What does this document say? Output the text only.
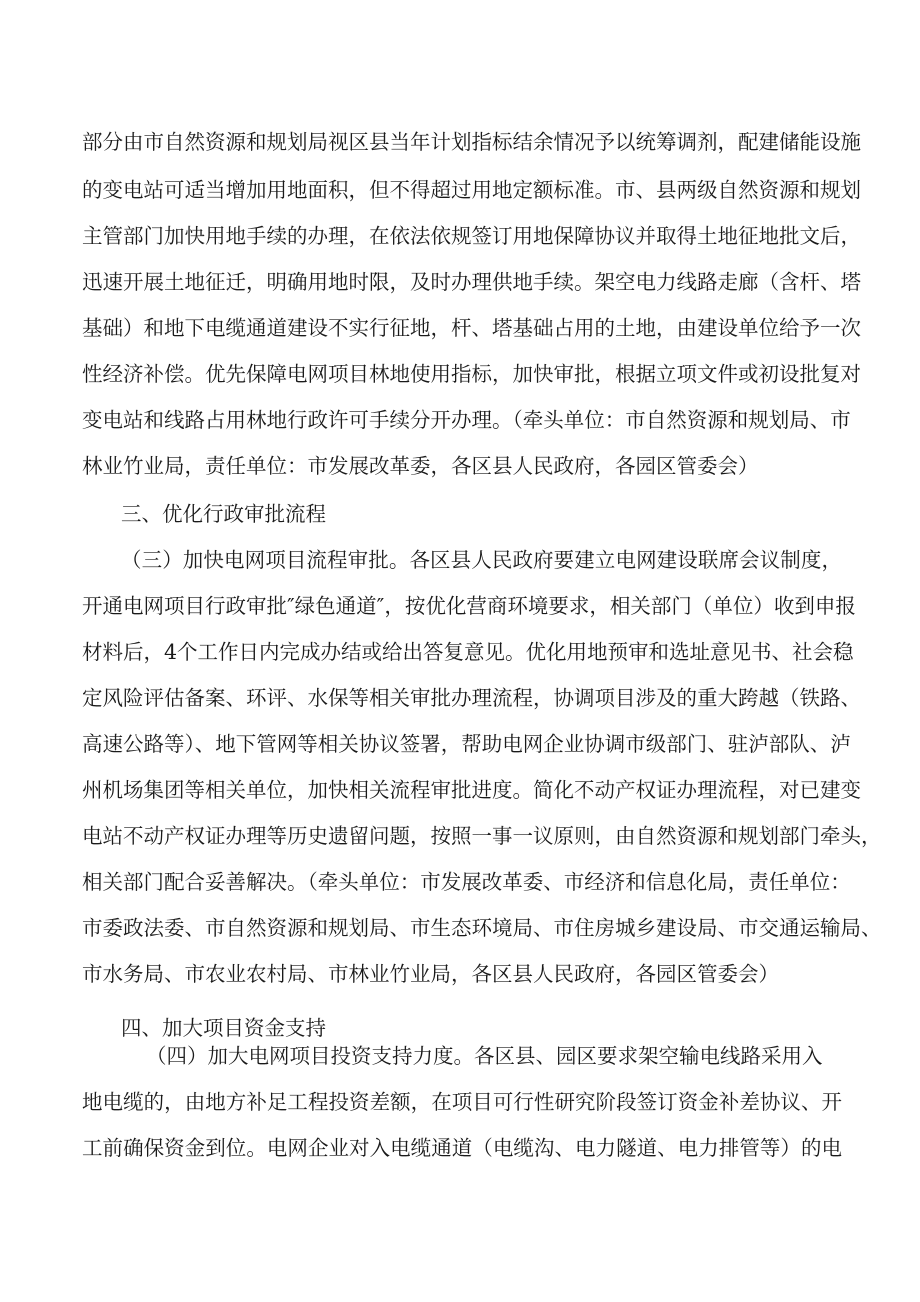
部分由市自然资源和规划局视区县当年计划指标结余情况予以统筹调剂，配建储能设施
的变电站可适当增加用地面积，但不得超过用地定额标准。市、县两级自然资源和规划
主管部门加快用地手续的办理，在依法依规签订用地保障协议并取得土地征地批文后，
迅速开展土地征迁，明确用地时限，及时办理供地手续。架空电力线路走廊（含杆、塔
基础）和地下电缆通道建设不实行征地，杆、塔基础占用的土地，由建设单位给予一次
性经济补偿。优先保障电网项目林地使用指标，加快审批，根据立项文件或初设批复对
变电站和线路占用林地行政许可手续分开办理。（牵头单位：市自然资源和规划局、市
林业竹业局，责任单位：市发展改革委，各区县人民政府，各园区管委会）
三、优化行政审批流程
（三）加快电网项目流程审批。各区县人民政府要建立电网建设联席会议制度，
开通电网项目行政审批″绿色通道″，按优化营商环境要求，相关部门（单位）收到申报
材料后，4个工作日内完成办结或给出答复意见。优化用地预审和选址意见书、社会稳
定风险评估备案、环评、水保等相关审批办理流程，协调项目涉及的重大跨越（铁路、
高速公路等）、地下管网等相关协议签署，帮助电网企业协调市级部门、驻泸部队、泸
州机场集团等相关单位，加快相关流程审批进度。简化不动产权证办理流程，对已建变
电站不动产权证办理等历史遗留问题，按照一事一议原则，由自然资源和规划部门牵头，
相关部门配合妥善解决。（牵头单位：市发展改革委、市经济和信息化局，责任单位：
市委政法委、市自然资源和规划局、市生态环境局、市住房城乡建设局、市交通运输局、
市水务局、市农业农村局、市林业竹业局，各区县人民政府，各园区管委会）
四、加大项目资金支持
（四）加大电网项目投资支持力度。各区县、园区要求架空输电线路采用入
地电缆的，由地方补足工程投资差额，在项目可行性研究阶段签订资金补差协议、开
工前确保资金到位。电网企业对入电缆通道（电缆沟、电力隧道、电力排管等）的电
